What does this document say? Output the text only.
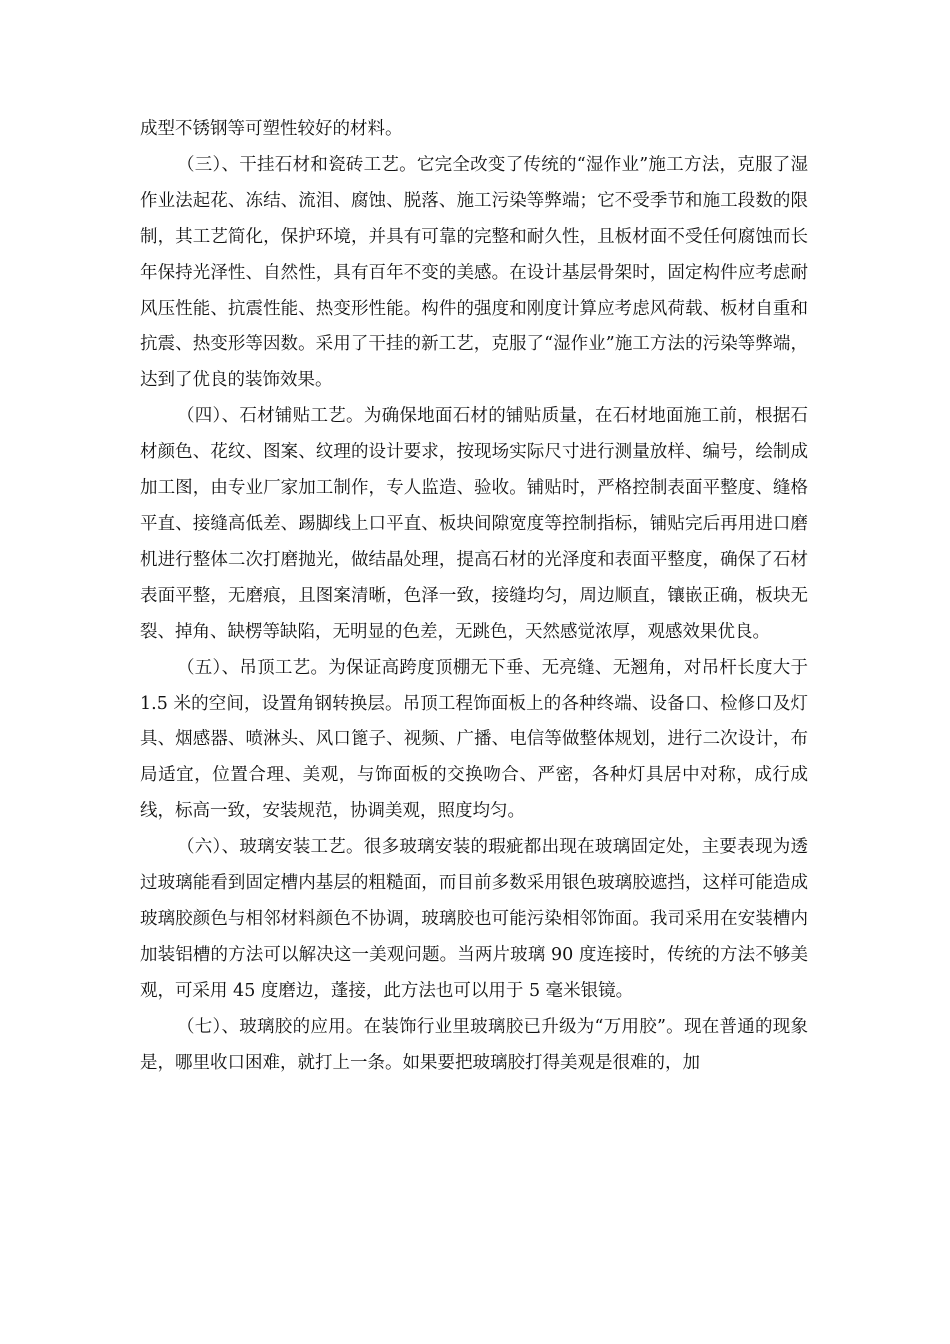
成型不锈钢等可塑性较好的材料。

（三）、干挂石材和瓷砖工艺。它完全改变了传统的“湿作业”施工方法，克服了湿作业法起花、冻结、流泪、腐蚀、脱落、施工污染等弊端；它不受季节和施工段数的限制，其工艺简化，保护环境，并具有可靠的完整和耐久性，且板材面不受任何腐蚀而长年保持光泽性、自然性，具有百年不变的美感。在设计基层骨架时，固定构件应考虑耐风压性能、抗震性能、热变形性能。构件的强度和刚度计算应考虑风荷载、板材自重和抗震、热变形等因数。采用了干挂的新工艺，克服了“湿作业”施工方法的污染等弊端，达到了优良的装饰效果。

（四）、石材铺贴工艺。为确保地面石材的铺贴质量，在石材地面施工前，根据石材颜色、花纹、图案、纹理的设计要求，按现场实际尺寸进行测量放样、编号，绘制成加工图，由专业厂家加工制作，专人监造、验收。铺贴时，严格控制表面平整度、缝格平直、接缝高低差、踢脚线上口平直、板块间隙宽度等控制指标，铺贴完后再用进口磨机进行整体二次打磨抛光，做结晶处理，提高石材的光泽度和表面平整度，确保了石材表面平整，无磨痕，且图案清晰，色泽一致，接缝均匀，周边顺直，镶嵌正确，板块无裂、掉角、缺楞等缺陷，无明显的色差，无跳色，天然感觉浓厚，观感效果优良。

（五）、吊顶工艺。为保证高跨度顶棚无下垂、无亮缝、无翘角，对吊杆长度大于 1.5 米的空间，设置角钢转换层。吊顶工程饰面板上的各种终端、设备口、检修口及灯具、烟感器、喷淋头、风口篦子、视频、广播、电信等做整体规划，进行二次设计，布局适宜，位置合理、美观，与饰面板的交换吻合、严密，各种灯具居中对称，成行成线，标高一致，安装规范，协调美观，照度均匀。

（六）、玻璃安装工艺。很多玻璃安装的瑕疵都出现在玻璃固定处，主要表现为透过玻璃能看到固定槽内基层的粗糙面，而目前多数采用银色玻璃胶遮挡，这样可能造成玻璃胶颜色与相邻材料颜色不协调，玻璃胶也可能污染相邻饰面。我司采用在安装槽内加装铝槽的方法可以解决这一美观问题。当两片玻璃 90 度连接时，传统的方法不够美观，可采用 45 度磨边，蓬接，此方法也可以用于 5 毫米银镜。

（七）、玻璃胶的应用。在装饰行业里玻璃胶已升级为“万用胶”。现在普通的现象是，哪里收口困难，就打上一条。如果要把玻璃胶打得美观是很难的，加
